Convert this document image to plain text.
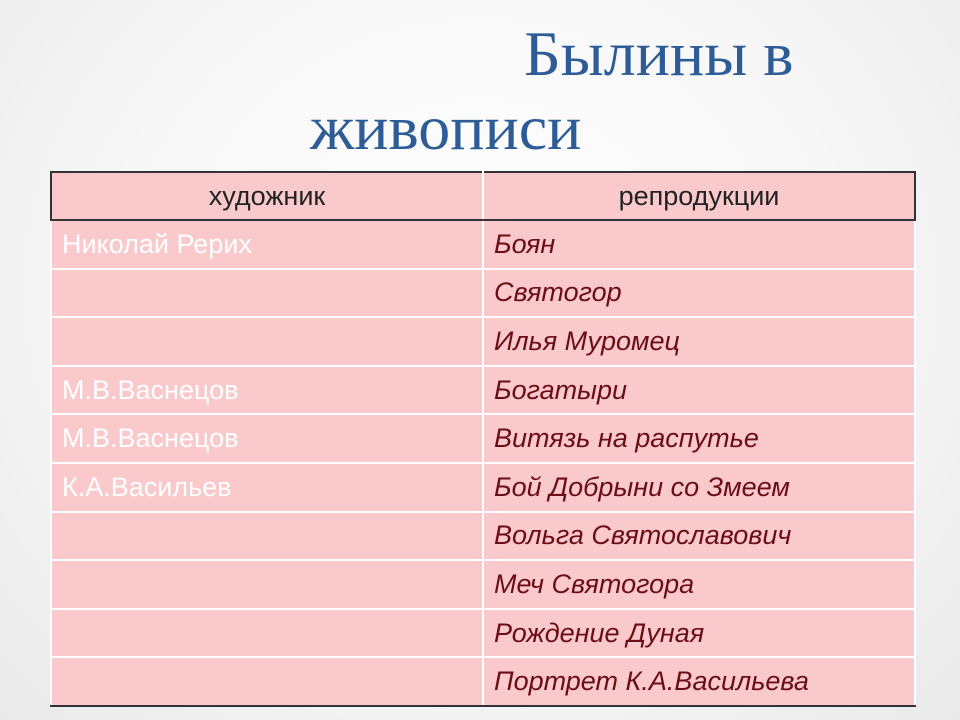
Былины в
живописи
художник	репродукции
Николай Рерих	Боян
	Святогор
	Илья Муромец
М.В.Васнецов	Богатыри
М.В.Васнецов	Витязь на распутье
К.А.Васильев	Бой Добрыни со Змеем
	Вольга Святославович
	Меч Святогора
	Рождение Дуная
	Портрет К.А.Васильева
